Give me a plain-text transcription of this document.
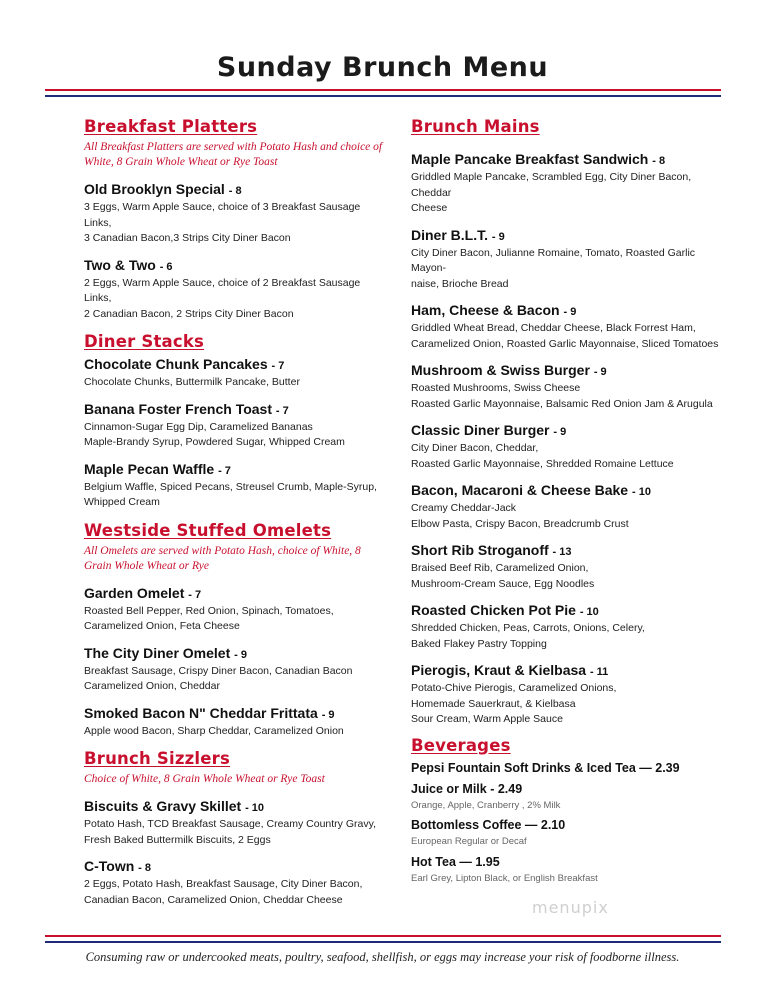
Sunday Brunch Menu
Breakfast Platters
All Breakfast Platters are served with Potato Hash and choice of White, 8 Grain Whole Wheat or Rye Toast
Old Brooklyn Special - 8
3 Eggs, Warm Apple Sauce, choice of 3 Breakfast Sausage Links,
3 Canadian Bacon,3 Strips City Diner Bacon
Two & Two - 6
2 Eggs, Warm Apple Sauce, choice of 2 Breakfast Sausage Links,
2 Canadian Bacon, 2 Strips City Diner Bacon
Diner Stacks
Chocolate Chunk Pancakes - 7
Chocolate Chunks, Buttermilk Pancake, Butter
Banana Foster French Toast - 7
Cinnamon-Sugar Egg Dip, Caramelized Bananas
Maple-Brandy Syrup, Powdered Sugar, Whipped Cream
Maple Pecan Waffle - 7
Belgium Waffle, Spiced Pecans, Streusel Crumb, Maple-Syrup,
Whipped Cream
Westside Stuffed Omelets
All Omelets are served with Potato Hash, choice of White, 8 Grain Whole Wheat or Rye
Garden Omelet - 7
Roasted Bell Pepper, Red Onion, Spinach, Tomatoes,
Caramelized Onion, Feta Cheese
The City Diner Omelet - 9
Breakfast Sausage, Crispy Diner Bacon, Canadian Bacon
Caramelized Onion, Cheddar
Smoked Bacon N" Cheddar Frittata - 9
Apple wood Bacon, Sharp Cheddar, Caramelized Onion
Brunch Sizzlers
Choice of White, 8 Grain Whole Wheat or Rye Toast
Biscuits & Gravy Skillet - 10
Potato Hash, TCD Breakfast Sausage, Creamy Country Gravy,
Fresh Baked Buttermilk Biscuits, 2 Eggs
C-Town - 8
2 Eggs, Potato Hash, Breakfast Sausage, City Diner Bacon,
Canadian Bacon, Caramelized Onion, Cheddar Cheese
Brunch Mains
Maple Pancake Breakfast Sandwich - 8
Griddled Maple Pancake, Scrambled Egg, City Diner Bacon, Cheddar
Cheese
Diner B.L.T. - 9
City Diner Bacon, Julianne Romaine, Tomato, Roasted Garlic Mayon-
naise, Brioche Bread
Ham, Cheese & Bacon - 9
Griddled Wheat Bread, Cheddar Cheese, Black Forrest Ham,
Caramelized Onion, Roasted Garlic Mayonnaise, Sliced Tomatoes
Mushroom & Swiss Burger - 9
Roasted Mushrooms, Swiss Cheese
Roasted Garlic Mayonnaise, Balsamic Red Onion Jam & Arugula
Classic Diner Burger - 9
City Diner Bacon, Cheddar,
Roasted Garlic Mayonnaise, Shredded Romaine Lettuce
Bacon, Macaroni & Cheese Bake - 10
Creamy Cheddar-Jack
Elbow Pasta, Crispy Bacon, Breadcrumb Crust
Short Rib Stroganoff - 13
Braised Beef Rib, Caramelized Onion,
Mushroom-Cream Sauce, Egg Noodles
Roasted Chicken Pot Pie - 10
Shredded Chicken, Peas, Carrots, Onions, Celery,
Baked Flakey Pastry Topping
Pierogis, Kraut & Kielbasa - 11
Potato-Chive Pierogis, Caramelized Onions,
Homemade Sauerkraut, & Kielbasa
Sour Cream, Warm Apple Sauce
Beverages
Pepsi Fountain Soft Drinks & Iced Tea — 2.39
Juice or Milk - 2.49
Orange, Apple, Cranberry , 2% Milk
Bottomless Coffee — 2.10
European Regular or Decaf
Hot Tea — 1.95
Earl Grey, Lipton Black, or English Breakfast
menupix
Consuming raw or undercooked meats, poultry, seafood, shellfish, or eggs may increase your risk of foodborne illness.
